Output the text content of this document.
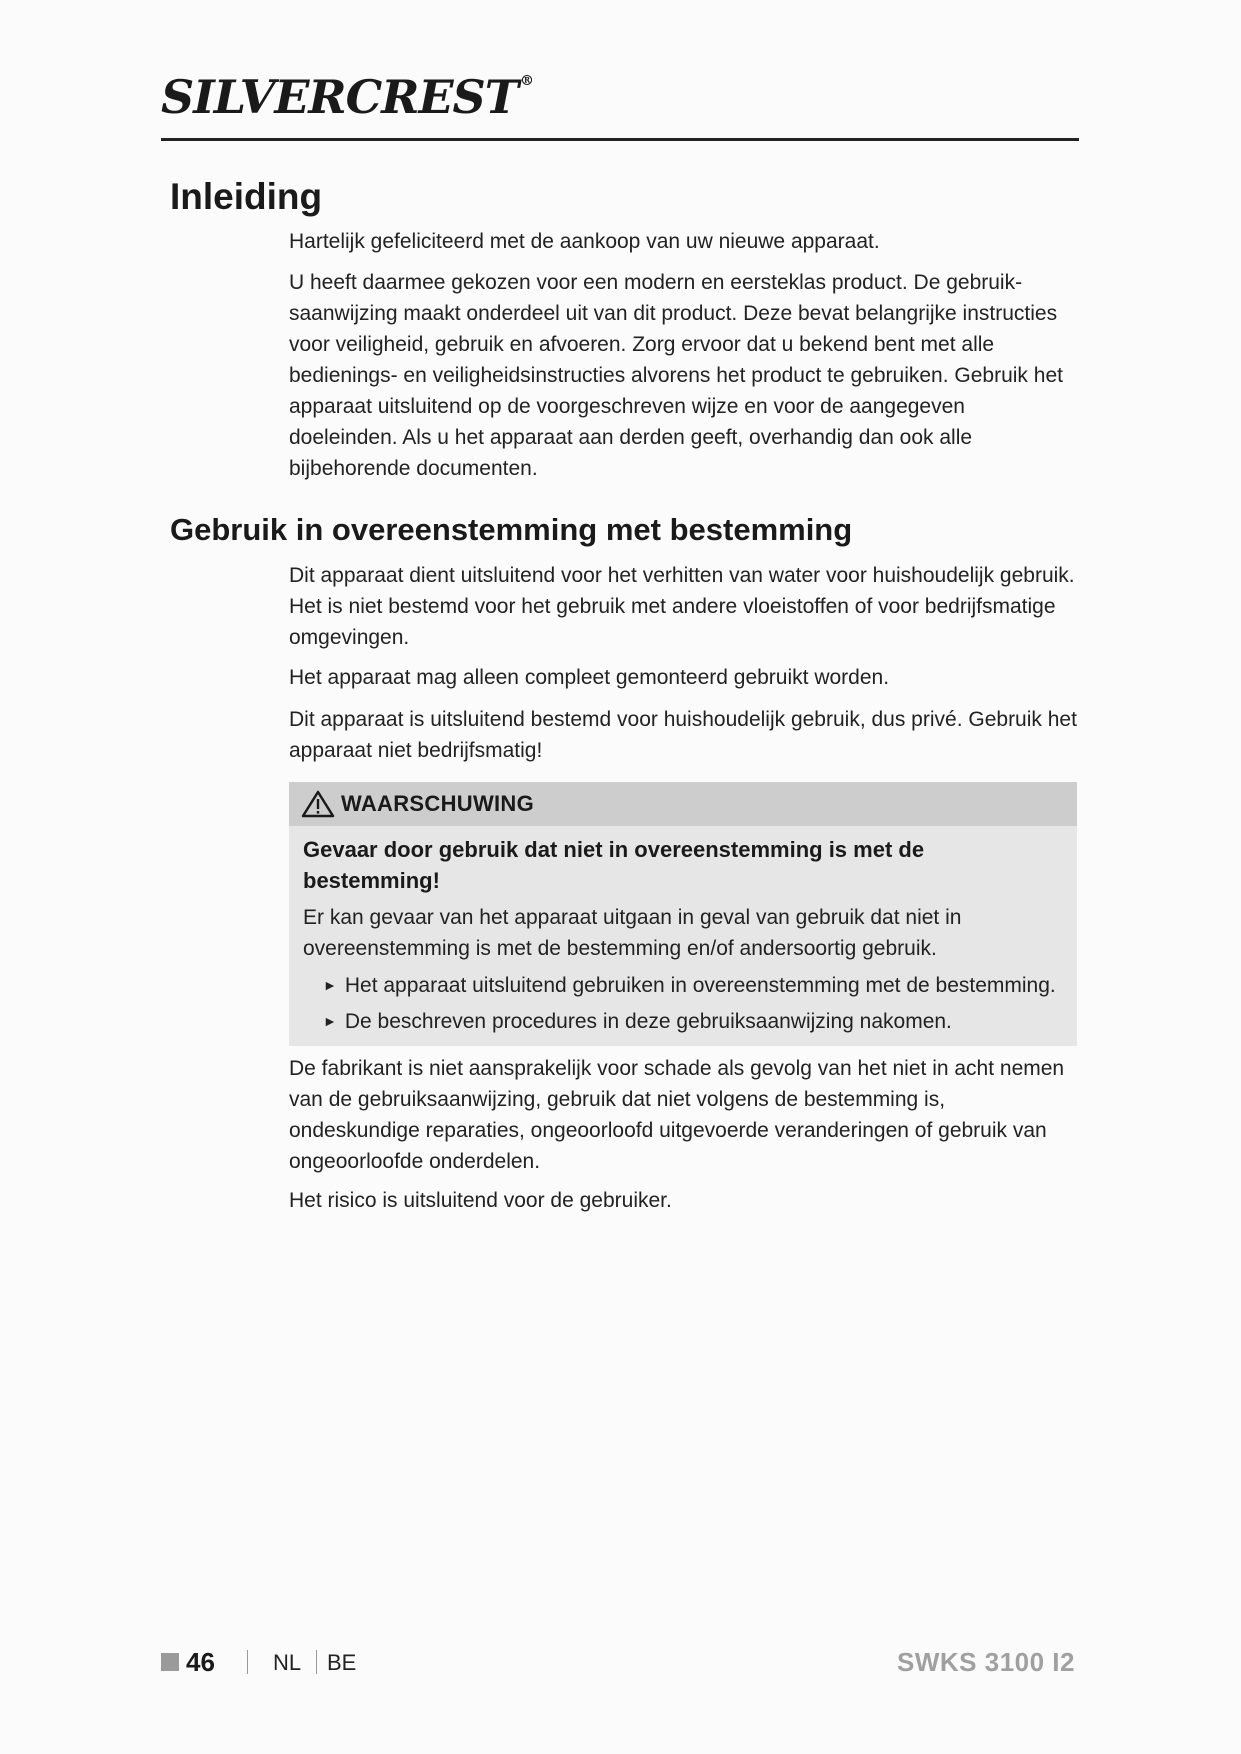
SILVERCREST ®
Inleiding

Hartelijk gefeliciteerd met de aankoop van uw nieuwe apparaat.

U heeft daarmee gekozen voor een modern en eersteklas product. De gebruik-saanwijzing maakt onderdeel uit van dit product. Deze bevat belangrijke instructies voor veiligheid, gebruik en afvoeren. Zorg ervoor dat u bekend bent met alle bedienings- en veiligheidsinstructies alvorens het product te gebruiken. Gebruik het apparaat uitsluitend op de voorgeschreven wijze en voor de aangegeven doeleinden. Als u het apparaat aan derden geeft, overhandig dan ook alle bijbehorende documenten.

Gebruik in overeenstemming met bestemming

Dit apparaat dient uitsluitend voor het verhitten van water voor huishoudelijk gebruik. Het is niet bestemd voor het gebruik met andere vloeistoffen of voor bedrijfsmatige omgevingen.

Het apparaat mag alleen compleet gemonteerd gebruikt worden.

Dit apparaat is uitsluitend bestemd voor huishoudelijk gebruik, dus privé. Gebruik het apparaat niet bedrijfsmatig!

WAARSCHUWING

Gevaar door gebruik dat niet in overeenstemming is met de bestemming!

Er kan gevaar van het apparaat uitgaan in geval van gebruik dat niet in overeenstemming is met de bestemming en/of andersoortig gebruik.

► Het apparaat uitsluitend gebruiken in overeenstemming met de bestemming.
► De beschreven procedures in deze gebruiksaanwijzing nakomen.

De fabrikant is niet aansprakelijk voor schade als gevolg van het niet in acht nemen van de gebruiksaanwijzing, gebruik dat niet volgens de bestemming is, ondeskundige reparaties, ongeoorloofd uitgevoerde veranderingen of gebruik van ongeoorloofde onderdelen.

Het risico is uitsluitend voor de gebruiker.

46	NL BE	SWKS 3100 I2
